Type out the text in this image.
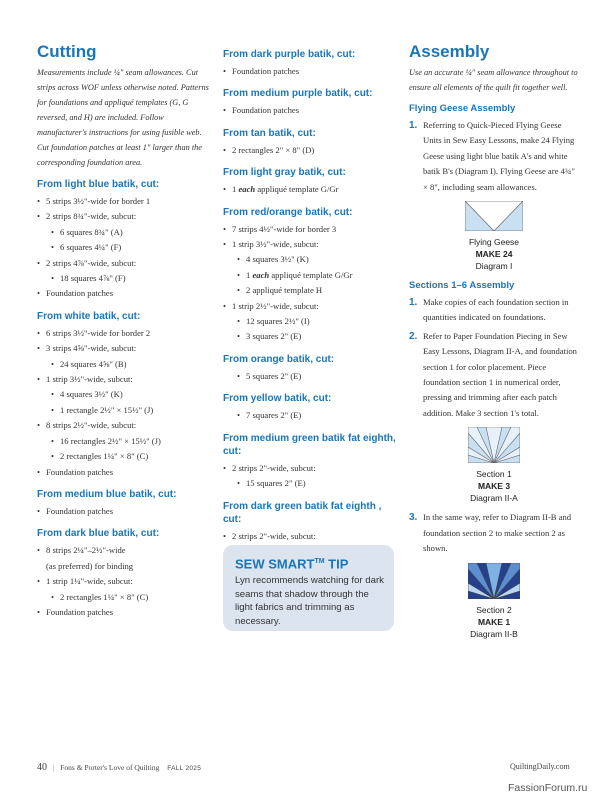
Cutting

Measurements include ¼" seam allowances. Cut strips across WOF unless otherwise noted. Patterns for foundations and appliqué templates (G, G reversed, and H) are included. Follow manufacturer's instructions for using fusible web. Cut foundation patches at least 1" larger than the corresponding foundation area.

From light blue batik, cut:
• 5 strips 3½"-wide for border 1
• 2 strips 8¾"-wide, subcut:
• 6 squares 8¾" (A)
• 6 squares 4¼" (F)
• 2 strips 4⅞"-wide, subcut:
• 18 squares 4⅞" (F)
• Foundation patches
From white batik, cut:
• 6 strips 3½"-wide for border 2
• 3 strips 4⅝"-wide, subcut:
• 24 squares 4⅝" (B)
• 1 strip 3½"-wide, subcut:
• 4 squares 3½" (K)
• 1 rectangle 2½" × 15½" (J)
• 8 strips 2½"-wide, subcut:
• 16 rectangles 2½" × 15½" (J)
• 2 rectangles 1¼" × 8" (C)
• Foundation patches
From medium blue batik, cut:
• Foundation patches
From dark blue batik, cut:
• 8 strips 2¼"–2½"-wide
(as preferred) for binding
• 1 strip 1¼"-wide, subcut:
• 2 rectangles 1¼" × 8" (C)
• Foundation patches
From dark purple batik, cut:
• Foundation patches
From medium purple batik, cut:
• Foundation patches
From tan batik, cut:
• 2 rectangles 2" × 8" (D)
From light gray batik, cut:
• 1 each appliqué template G/Gr
From red/orange batik, cut:
• 7 strips 4½"-wide for border 3
• 1 strip 3½"-wide, subcut:
• 4 squares 3½" (K)
• 1 each appliqué template G/Gr
• 2 appliqué template H
• 1 strip 2½"-wide, subcut:
• 12 squares 2½" (I)
• 3 squares 2" (E)
From orange batik, cut:
• 5 squares 2" (E)
From yellow batik, cut:
• 7 squares 2" (E)
From medium green batik fat eighth, cut:
• 2 strips 2"-wide, subcut:
• 15 squares 2" (E)
From dark green batik fat eighth , cut:
• 2 strips 2"-wide, subcut:
•
SEW SMART™ TIP
Lyn recommends watching for dark seams that shadow through the light fabrics and trimming as necessary.
Assembly

Use an accurate ¼" seam allowance throughout to ensure all elements of the quilt fit together well.

Flying Geese Assembly
1. Referring to Quick-Pieced Flying Geese Units in Sew Easy Lessons, make 24 Flying Geese using light blue batik A's and white batik B's (Diagram I). Flying Geese are 4¾" × 8", including seam allowances.
Flying Geese
MAKE 24
Diagram I
Sections 1–6 Assembly
1. Make copies of each foundation section in quantities indicated on foundations.
2. Refer to Paper Foundation Piecing in Sew Easy Lessons, Diagram II-A, and foundation section 1 for color placement. Piece foundation section 1 in numerical order, pressing and trimming after each patch addition. Make 3 section 1's total.
Section 1
MAKE 3
Diagram II-A
3. In the same way, refer to Diagram II-B and foundation section 2 to make section 2 as shown.
Section 2
MAKE 1
Diagram II-B
40 | Fons & Porter's Love of Quilting FALL 2025	QuiltingDaily.com
FassionForum.ru
